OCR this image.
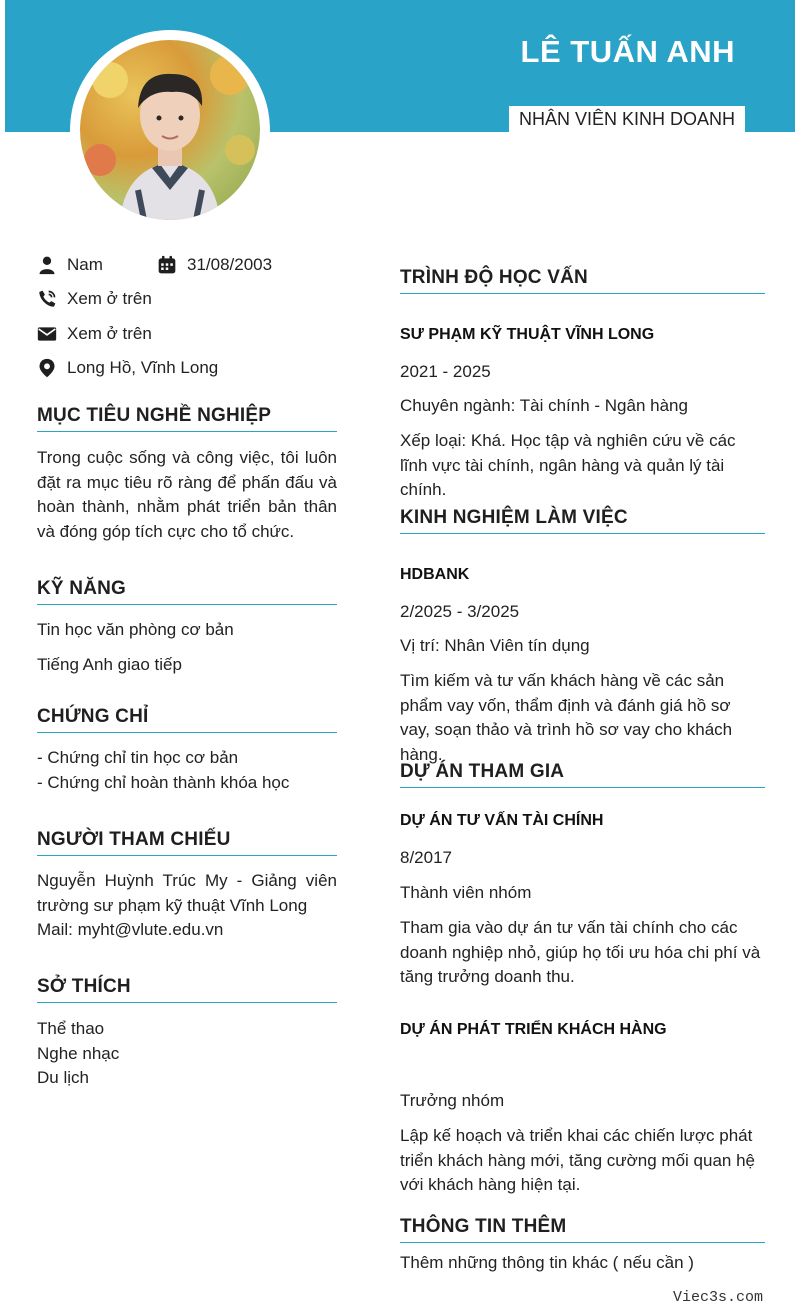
LÊ TUẤN ANH
NHÂN VIÊN KINH DOANH
Nam	31/08/2003
Xem ở trên
Xem ở trên
Long Hồ, Vĩnh Long
MỤC TIÊU NGHỀ NGHIỆP
Trong cuộc sống và công việc, tôi luôn đặt ra mục tiêu rõ ràng để phấn đấu và hoàn thành, nhằm phát triển bản thân và đóng góp tích cực cho tổ chức.
KỸ NĂNG
Tin học văn phòng cơ bản
Tiếng Anh giao tiếp
CHỨNG CHỈ
- Chứng chỉ tin học cơ bản
- Chứng chỉ hoàn thành khóa học
NGƯỜI THAM CHIẾU
Nguyễn Huỳnh Trúc My - Giảng viên trường sư phạm kỹ thuật Vĩnh Long
Mail: myht@vlute.edu.vn
SỞ THÍCH
Thể thao
Nghe nhạc
Du lịch
TRÌNH ĐỘ HỌC VẤN
SƯ PHẠM KỸ THUẬT VĨNH LONG
2021 - 2025
Chuyên ngành: Tài chính - Ngân hàng
Xếp loại: Khá. Học tập và nghiên cứu về các lĩnh vực tài chính, ngân hàng và quản lý tài chính.
KINH NGHIỆM LÀM VIỆC
HDBANK
2/2025 - 3/2025
Vị trí: Nhân Viên tín dụng
Tìm kiếm và tư vấn khách hàng về các sản phẩm vay vốn, thẩm định và đánh giá hồ sơ vay, soạn thảo và trình hồ sơ vay cho khách hàng.
DỰ ÁN THAM GIA
DỰ ÁN TƯ VẤN TÀI CHÍNH
8/2017
Thành viên nhóm
Tham gia vào dự án tư vấn tài chính cho các doanh nghiệp nhỏ, giúp họ tối ưu hóa chi phí và tăng trưởng doanh thu.
DỰ ÁN PHÁT TRIỂN KHÁCH HÀNG
Trưởng nhóm
Lập kế hoạch và triển khai các chiến lược phát triển khách hàng mới, tăng cường mối quan hệ với khách hàng hiện tại.
THÔNG TIN THÊM
Thêm những thông tin khác ( nếu cần )
Viec3s.com
